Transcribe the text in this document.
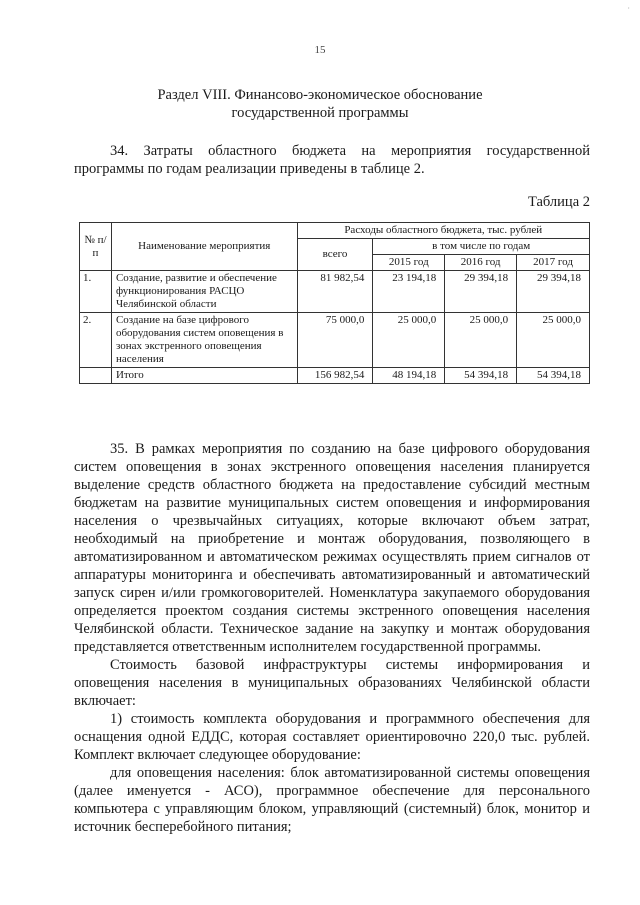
·
15
Раздел VIII. Финансово-экономическое обоснование
государственной программы
34. Затраты областного бюджета на мероприятия государственной программы по годам реализации приведены в таблице 2.
Таблица 2
№ п/п	Наименование мероприятия	Расходы областного бюджета, тыс. рублей			
		всего	в том числе по годам		
			2015 год	2016 год	2017 год
1.	Создание, развитие и обеспечение функционирования РАСЦО Челябинской области	81 982,54	23 194,18	29 394,18	29 394,18
2.	Создание на базе цифрового оборудования систем оповещения в зонах экстренного оповещения населения	75 000,0	25 000,0	25 000,0	25 000,0
	Итого	156 982,54	48 194,18	54 394,18	54 394,18

35. В рамках мероприятия по созданию на базе цифрового оборудования систем оповещения в зонах экстренного оповещения населения планируется выделение средств областного бюджета на предоставление субсидий местным бюджетам на развитие муниципальных систем оповещения и информирования населения о чрезвычайных ситуациях, которые включают объем затрат, необходимый на приобретение и монтаж оборудования, позволяющего в автоматизированном и автоматическом режимах осуществлять прием сигналов от аппаратуры мониторинга и обеспечивать автоматизированный и автоматический запуск сирен и/или громкоговорителей. Номенклатура закупаемого оборудования определяется проектом создания системы экстренного оповещения населения Челябинской области. Техническое задание на закупку и монтаж оборудования представляется ответственным исполнителем государственной программы.

Стоимость базовой инфраструктуры системы информирования и оповещения населения в муниципальных образованиях Челябинской области включает:

1) стоимость комплекта оборудования и программного обеспечения для оснащения одной ЕДДС, которая составляет ориентировочно 220,0 тыс. рублей. Комплект включает следующее оборудование:

для оповещения населения: блок автоматизированной системы оповещения (далее именуется - АСО), программное обеспечение для персонального компьютера с управляющим блоком, управляющий (системный) блок, монитор и источник бесперебойного питания;
